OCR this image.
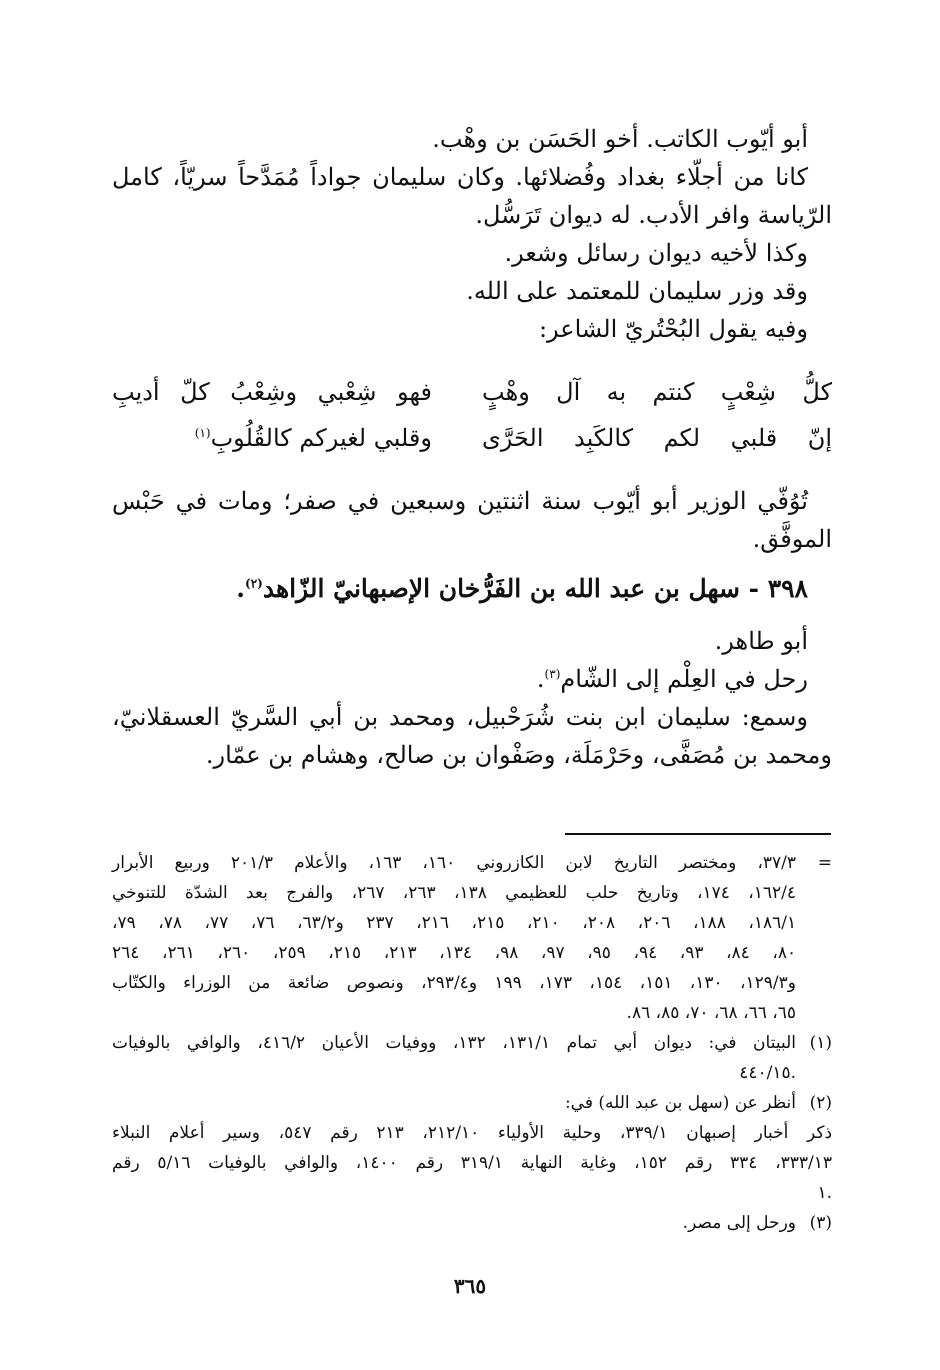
أبو أيّوب الكاتب. أخو الحَسَن بن وهْب.
كانا من أجلّاء بغداد وفُضلائها. وكان سليمان جواداً مُمَدَّحاً سريّاً، كامل
الرّياسة وافر الأدب. له ديوان تَرَسُّل.
وكذا لأخيه ديوان رسائل وشعر.
وقد وزر سليمان للمعتمد على الله.
وفيه يقول البُحْتُريّ الشاعر:
كلُّ شِعْبٍ كنتم به آل وهْبٍ
فهو شِعْبي وشِعْبُ كلّ أديبِ
إنّ قلبي لكم كالكَبِد الحَرَّى
وقلبي لغيركم كالقُلُوبِ$^{(١)}$
تُوُفّي الوزير أبو أيّوب سنة اثنتين وسبعين في صفر؛ ومات في حَبْس
الموفَّق.
٣٩٨ - سهل بن عبد الله بن الفَرُّخان الإصبهانيّ الزّاهد$^{(٢)}$.
أبو طاهر.
رحل في العِلْم إلى الشّام$^{(٣)}$.
وسمع: سليمان ابن بنت شُرَحْبيل، ومحمد بن أبي السَّريّ العسقلانيّ،
ومحمد بن مُصَفَّى، وحَرْمَلَة، وصَفْوان بن صالح، وهشام بن عمّار.
=
٣٧/٣، ومختصر التاريخ لابن الكازروني ١٦٠، ١٦٣، والأعلام ٢٠١/٣ وربيع الأبرار
١٦٢/٤، ١٧٤، وتاريخ حلب للعظيمي ١٣٨، ٢٦٣، ٢٦٧، والفرج بعد الشدّة للتنوخي
١٨٦/١، ١٨٨، ٢٠٦، ٢٠٨، ٢١٠، ٢١٥، ٢١٦، ٢٣٧ و٦٣/٢، ٧٦، ٧٧، ٧٨، ٧٩،
٨٠، ٨٤، ٩٣، ٩٤، ٩٥، ٩٧، ٩٨، ١٣٤، ٢١٣، ٢١٥، ٢٥٩، ٢٦٠، ٢٦١، ٢٦٤
و١٢٩/٣، ١٣٠، ١٥١، ١٥٤، ١٧٣، ١٩٩ و٢٩٣/٤، ونصوص ضائعة من الوزراء والكتّاب
٦٥، ٦٦، ٦٨، ٧٠، ٨٥، ٨٦.
(١)
البيتان في: ديوان أبي تمام ١٣١/١، ١٣٢، ووفيات الأعيان ٤١٦/٢، والوافي بالوفيات
.٤٤٠/١٥
(٢)
أنظر عن (سهل بن عبد الله) في:
ذكر أخبار إصبهان ٣٣٩/١، وحلية الأولياء ٢١٢/١٠، ٢١٣ رقم ٥٤٧، وسير أعلام النبلاء
٣٣٣/١٣، ٣٣٤ رقم ١٥٢، وغاية النهاية ٣١٩/١ رقم ١٤٠٠، والوافي بالوفيات ٥/١٦ رقم
.١
(٣)
ورحل إلى مصر.
٣٦٥
